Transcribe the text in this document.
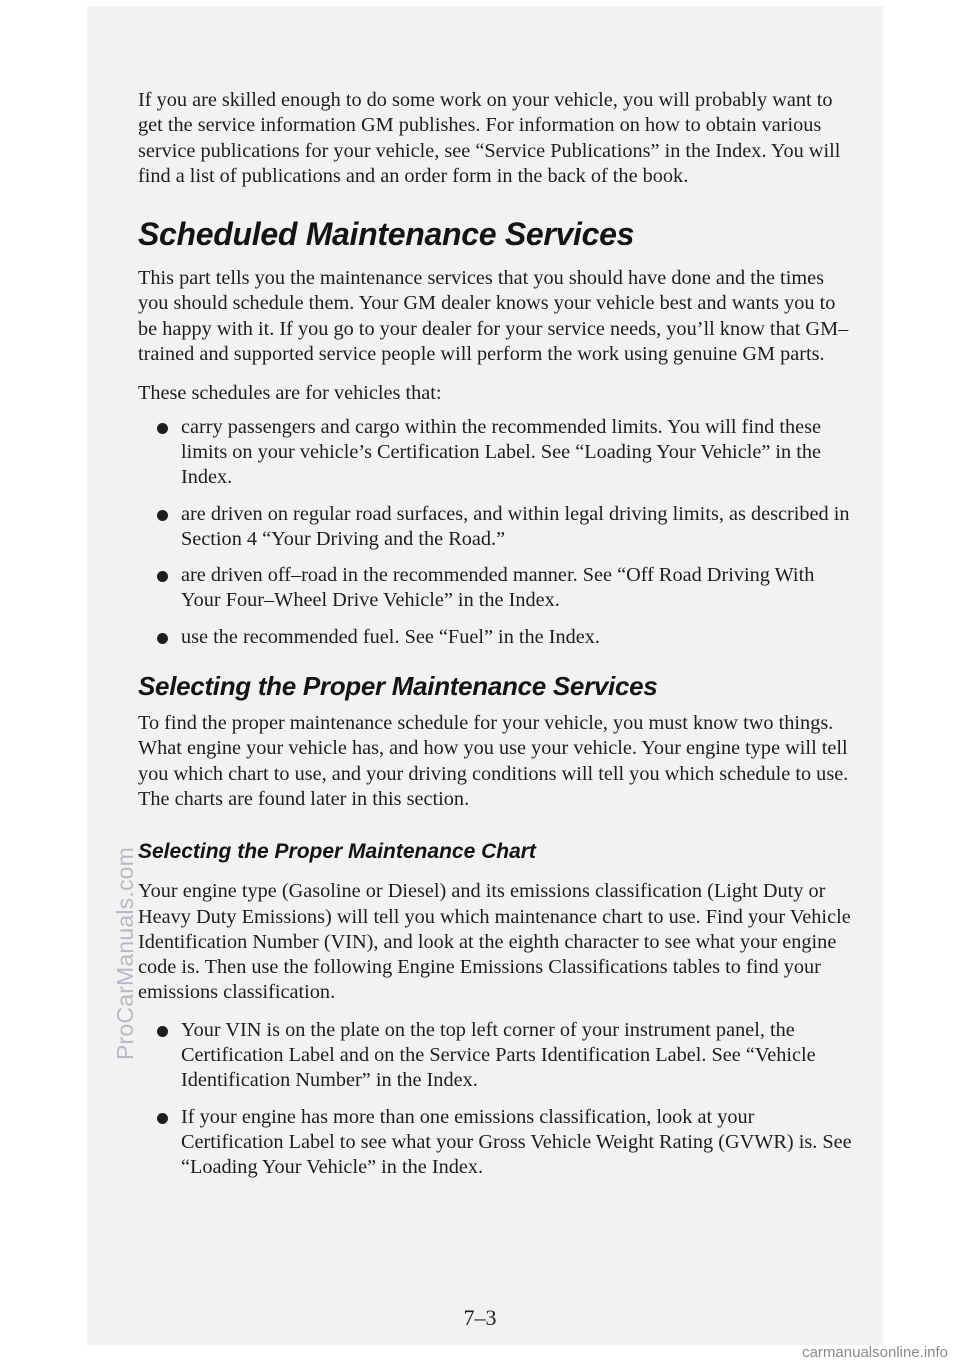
If you are skilled enough to do some work on your vehicle, you will probably want to get the service information GM publishes. For information on how to obtain various service publications for your vehicle, see “Service Publications” in the Index. You will find a list of publications and an order form in the back of the book.

Scheduled Maintenance Services

This part tells you the maintenance services that you should have done and the times you should schedule them. Your GM dealer knows your vehicle best and wants you to be happy with it. If you go to your dealer for your service needs, you’ll know that GM–trained and supported service people will perform the work using genuine GM parts.

These schedules are for vehicles that:

carry passengers and cargo within the recommended limits. You will find these limits on your vehicle’s Certification Label. See “Loading Your Vehicle” in the Index.
are driven on regular road surfaces, and within legal driving limits, as described in Section 4 “Your Driving and the Road.”
are driven off–road in the recommended manner. See “Off Road Driving With Your Four–Wheel Drive Vehicle” in the Index.
use the recommended fuel. See “Fuel” in the Index.
Selecting the Proper Maintenance Services

To find the proper maintenance schedule for your vehicle, you must know two things. What engine your vehicle has, and how you use your vehicle. Your engine type will tell you which chart to use, and your driving conditions will tell you which schedule to use. The charts are found later in this section.

Selecting the Proper Maintenance Chart

Your engine type (Gasoline or Diesel) and its emissions classification (Light Duty or Heavy Duty Emissions) will tell you which maintenance chart to use. Find your Vehicle Identification Number (VIN), and look at the eighth character to see what your engine code is. Then use the following Engine Emissions Classifications tables to find your emissions classification.

Your VIN is on the plate on the top left corner of your instrument panel, the Certification Label and on the Service Parts Identification Label. See “Vehicle Identification Number” in the Index.
If your engine has more than one emissions classification, look at your Certification Label to see what your Gross Vehicle Weight Rating (GVWR) is. See “Loading Your Vehicle” in the Index.
ProCarManuals.com
7–3
carmanualsonline.info
